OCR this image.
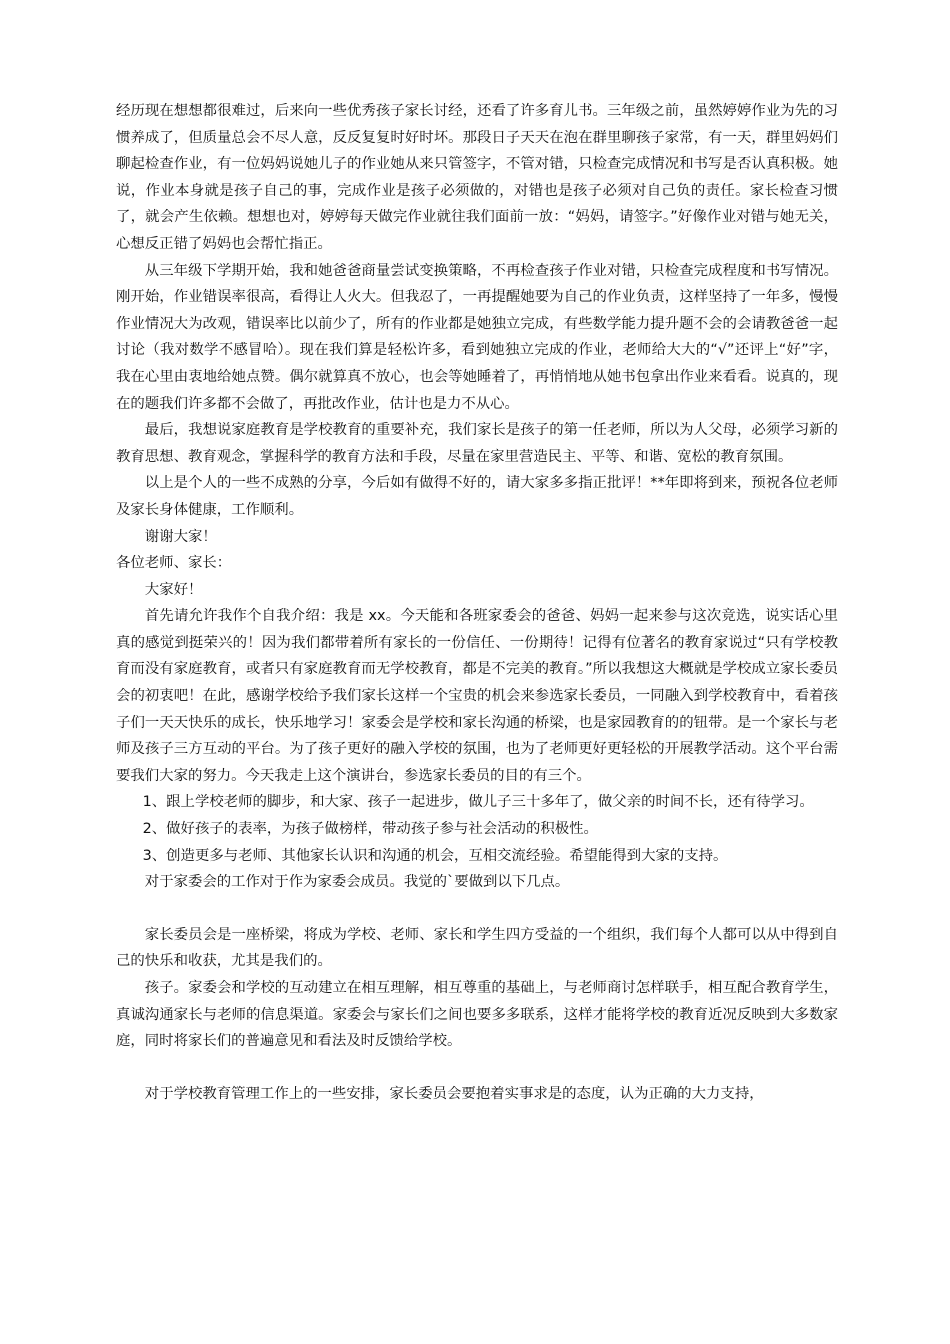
经历现在想想都很难过，后来向一些优秀孩子家长讨经，还看了许多育儿书。三年级之前，虽然婷婷作业为先的习惯养成了，但质量总会不尽人意，反反复复时好时坏。那段日子天天在泡在群里聊孩子家常，有一天，群里妈妈们聊起检查作业，有一位妈妈说她儿子的作业她从来只管签字，不管对错，只检查完成情况和书写是否认真积极。她说，作业本身就是孩子自己的事，完成作业是孩子必须做的，对错也是孩子必须对自己负的责任。家长检查习惯了，就会产生依赖。想想也对，婷婷每天做完作业就往我们面前一放：“妈妈，请签字。”好像作业对错与她无关，心想反正错了妈妈也会帮忙指正。

从三年级下学期开始，我和她爸爸商量尝试变换策略，不再检查孩子作业对错，只检查完成程度和书写情况。刚开始，作业错误率很高，看得让人火大。但我忍了，一再提醒她要为自己的作业负责，这样坚持了一年多，慢慢作业情况大为改观，错误率比以前少了，所有的作业都是她独立完成，有些数学能力提升题不会的会请教爸爸一起讨论（我对数学不感冒哈）。现在我们算是轻松许多，看到她独立完成的作业，老师给大大的“√”还评上“好”字，我在心里由衷地给她点赞。偶尔就算真不放心，也会等她睡着了，再悄悄地从她书包拿出作业来看看。说真的，现在的题我们许多都不会做了，再批改作业，估计也是力不从心。

最后，我想说家庭教育是学校教育的重要补充，我们家长是孩子的第一任老师，所以为人父母，必须学习新的教育思想、教育观念，掌握科学的教育方法和手段，尽量在家里营造民主、平等、和谐、宽松的教育氛围。

以上是个人的一些不成熟的分享，今后如有做得不好的，请大家多多指正批评！**年即将到来，预祝各位老师及家长身体健康，工作顺利。

谢谢大家！

各位老师、家长：

大家好！

首先请允许我作个自我介绍：我是 xx。今天能和各班家委会的爸爸、妈妈一起来参与这次竞选，说实话心里真的感觉到挺荣兴的！因为我们都带着所有家长的一份信任、一份期待！记得有位著名的教育家说过“只有学校教育而没有家庭教育，或者只有家庭教育而无学校教育，都是不完美的教育。”所以我想这大概就是学校成立家长委员会的初衷吧！在此，感谢学校给予我们家长这样一个宝贵的机会来参选家长委员，一同融入到学校教育中，看着孩子们一天天快乐的成长，快乐地学习！家委会是学校和家长沟通的桥梁，也是家园教育的的钮带。是一个家长与老师及孩子三方互动的平台。为了孩子更好的融入学校的氛围，也为了老师更好更轻松的开展教学活动。这个平台需要我们大家的努力。今天我走上这个演讲台，参选家长委员的目的有三个。

1、跟上学校老师的脚步，和大家、孩子一起进步，做儿子三十多年了，做父亲的时间不长，还有待学习。

2、做好孩子的表率，为孩子做榜样，带动孩子参与社会活动的积极性。

3、创造更多与老师、其他家长认识和沟通的机会，互相交流经验。希望能得到大家的支持。

对于家委会的工作对于作为家委会成员。我觉的`要做到以下几点。

家长委员会是一座桥梁，将成为学校、老师、家长和学生四方受益的一个组织，我们每个人都可以从中得到自己的快乐和收获，尤其是我们的。

孩子。家委会和学校的互动建立在相互理解，相互尊重的基础上，与老师商讨怎样联手，相互配合教育学生，真诚沟通家长与老师的信息渠道。家委会与家长们之间也要多多联系，这样才能将学校的教育近况反映到大多数家庭，同时将家长们的普遍意见和看法及时反馈给学校。

对于学校教育管理工作上的一些安排，家长委员会要抱着实事求是的态度，认为正确的大力支持，
